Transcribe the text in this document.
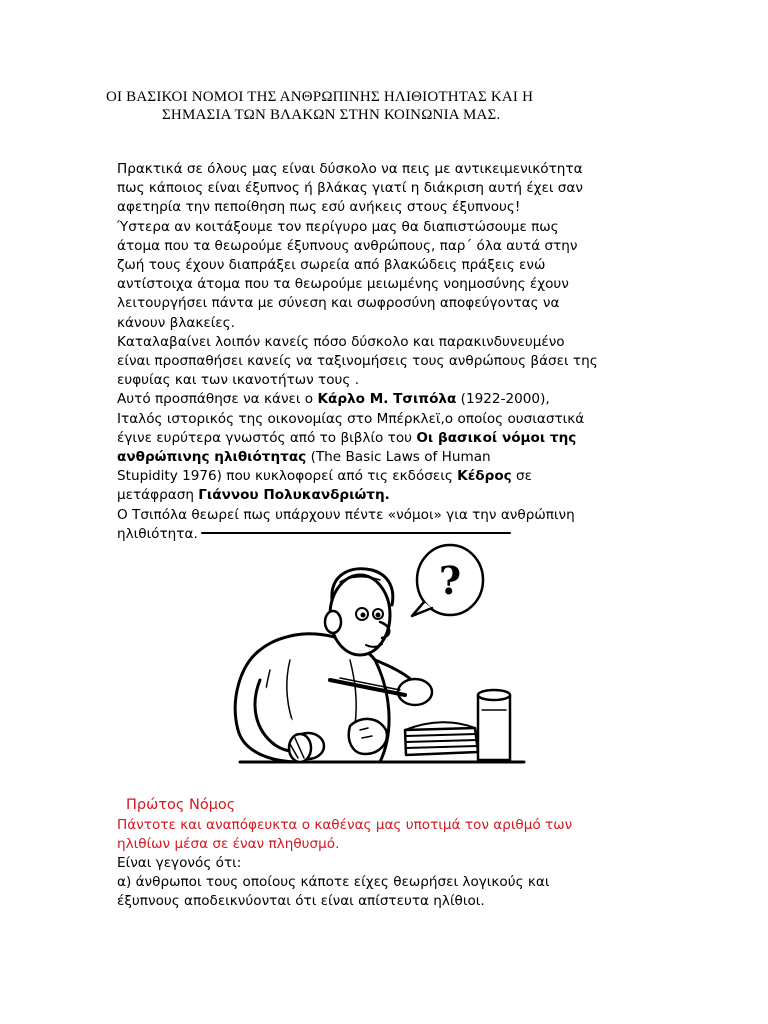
ΟΙ ΒΑΣΙΚΟΙ ΝΟΜΟΙ ΤΗΣ ΑΝΘΡΩΠΙΝΗΣ ΗΛΙΘΙΟΤΗΤΑΣ ΚΑΙ Η
ΣΗΜΑΣΙΑ ΤΩΝ ΒΛΑΚΩΝ ΣΤΗΝ ΚΟΙΝΩΝΙΑ ΜΑΣ.
Πρακτικά σε όλους μας είναι δύσκολο να πεις με αντικειμενικότητα
πως κάποιος είναι έξυπνος ή βλάκας γιατί η διάκριση αυτή έχει σαν
αφετηρία την πεποίθηση πως εσύ ανήκεις στους έξυπνους!
Ύστερα αν κοιτάξουμε τον περίγυρο μας θα διαπιστώσουμε πως
άτομα που τα θεωρούμε έξυπνους ανθρώπους, παρ΄ όλα αυτά στην
ζωή τους έχουν διαπράξει σωρεία από βλακώδεις πράξεις ενώ
αντίστοιχα άτομα που τα θεωρούμε μειωμένης νοημοσύνης έχουν
λειτουργήσει πάντα με σύνεση και σωφροσύνη αποφεύγοντας να
κάνουν βλακείες.
Καταλαβαίνει λοιπόν κανείς πόσο δύσκολο και παρακινδυνευμένο
είναι προσπαθήσει κανείς να ταξινομήσεις τους ανθρώπους βάσει της
ευφυίας και των ικανοτήτων τους .
Αυτό προσπάθησε να κάνει ο Κάρλο Μ. Τσιπόλα (1922-2000),
Ιταλός ιστορικός της οικονομίας στο Μπέρκλεϊ,ο οποίος ουσιαστικά
έγινε ευρύτερα γνωστός από το βιβλίο του Οι βασικοί νόμοι της
ανθρώπινης ηλιθιότητας (The Basic Laws of Human
Stupidity 1976) που κυκλοφορεί από τις εκδόσεις Κέδρος σε
μετάφραση Γιάννου Πολυκανδριώτη.
Ο Τσιπόλα θεωρεί πως υπάρχουν πέντε «νόμοι» για την ανθρώπινη
ηλιθιότητα.
?
Πρώτος Νόμος
Πάντοτε και αναπόφευκτα ο καθένας μας υποτιμά τον αριθμό των
ηλιθίων μέσα σε έναν πληθυσμό.
Είναι γεγονός ότι:
α) άνθρωποι τους οποίους κάποτε είχες θεωρήσει λογικούς και
έξυπνους αποδεικνύονται ότι είναι απίστευτα ηλίθιοι.
